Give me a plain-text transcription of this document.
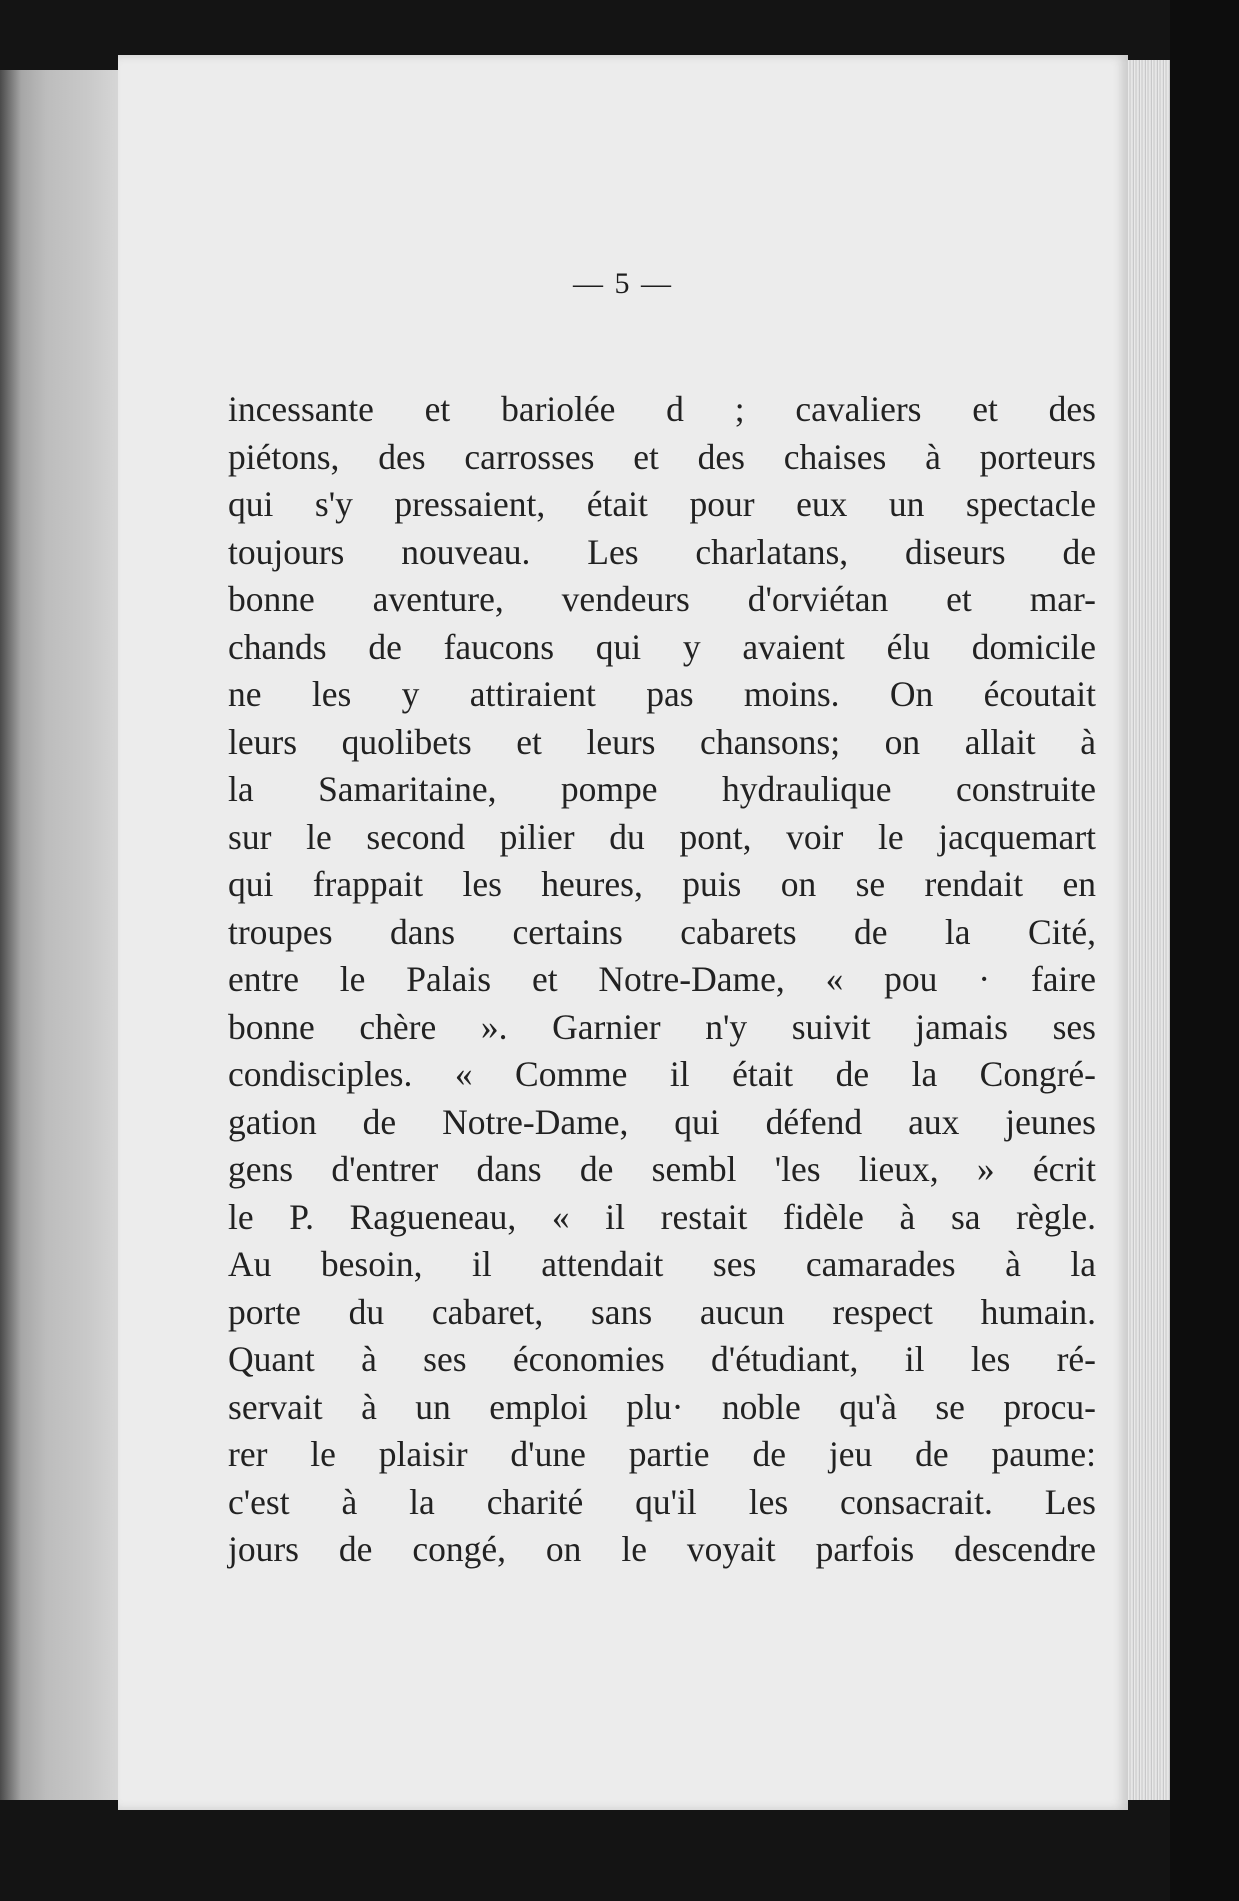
— 5 —
incessante et bariolée d ; cavaliers et des
piétons, des carrosses et des chaises à porteurs
qui s'y pressaient, était pour eux un spectacle
toujours nouveau. Les charlatans, diseurs de
bonne aventure, vendeurs d'orviétan et mar-
chands de faucons qui y avaient élu domicile
ne les y attiraient pas moins. On écoutait
leurs quolibets et leurs chansons; on allait à
la Samaritaine, pompe hydraulique construite
sur le second pilier du pont, voir le jacquemart
qui frappait les heures, puis on se rendait en
troupes dans certains cabarets de la Cité,
entre le Palais et Notre-Dame, « pou · faire
bonne chère ». Garnier n'y suivit jamais ses
condisciples. « Comme il était de la Congré-
gation de Notre-Dame, qui défend aux jeunes
gens d'entrer dans de sembl 'les lieux, » écrit
le P. Ragueneau, « il restait fidèle à sa règle.
Au besoin, il attendait ses camarades à la
porte du cabaret, sans aucun respect humain.
Quant à ses économies d'étudiant, il les ré-
servait à un emploi plu· noble qu'à se procu-
rer le plaisir d'une partie de jeu de paume:
c'est à la charité qu'il les consacrait. Les
jours de congé, on le voyait parfois descendre
